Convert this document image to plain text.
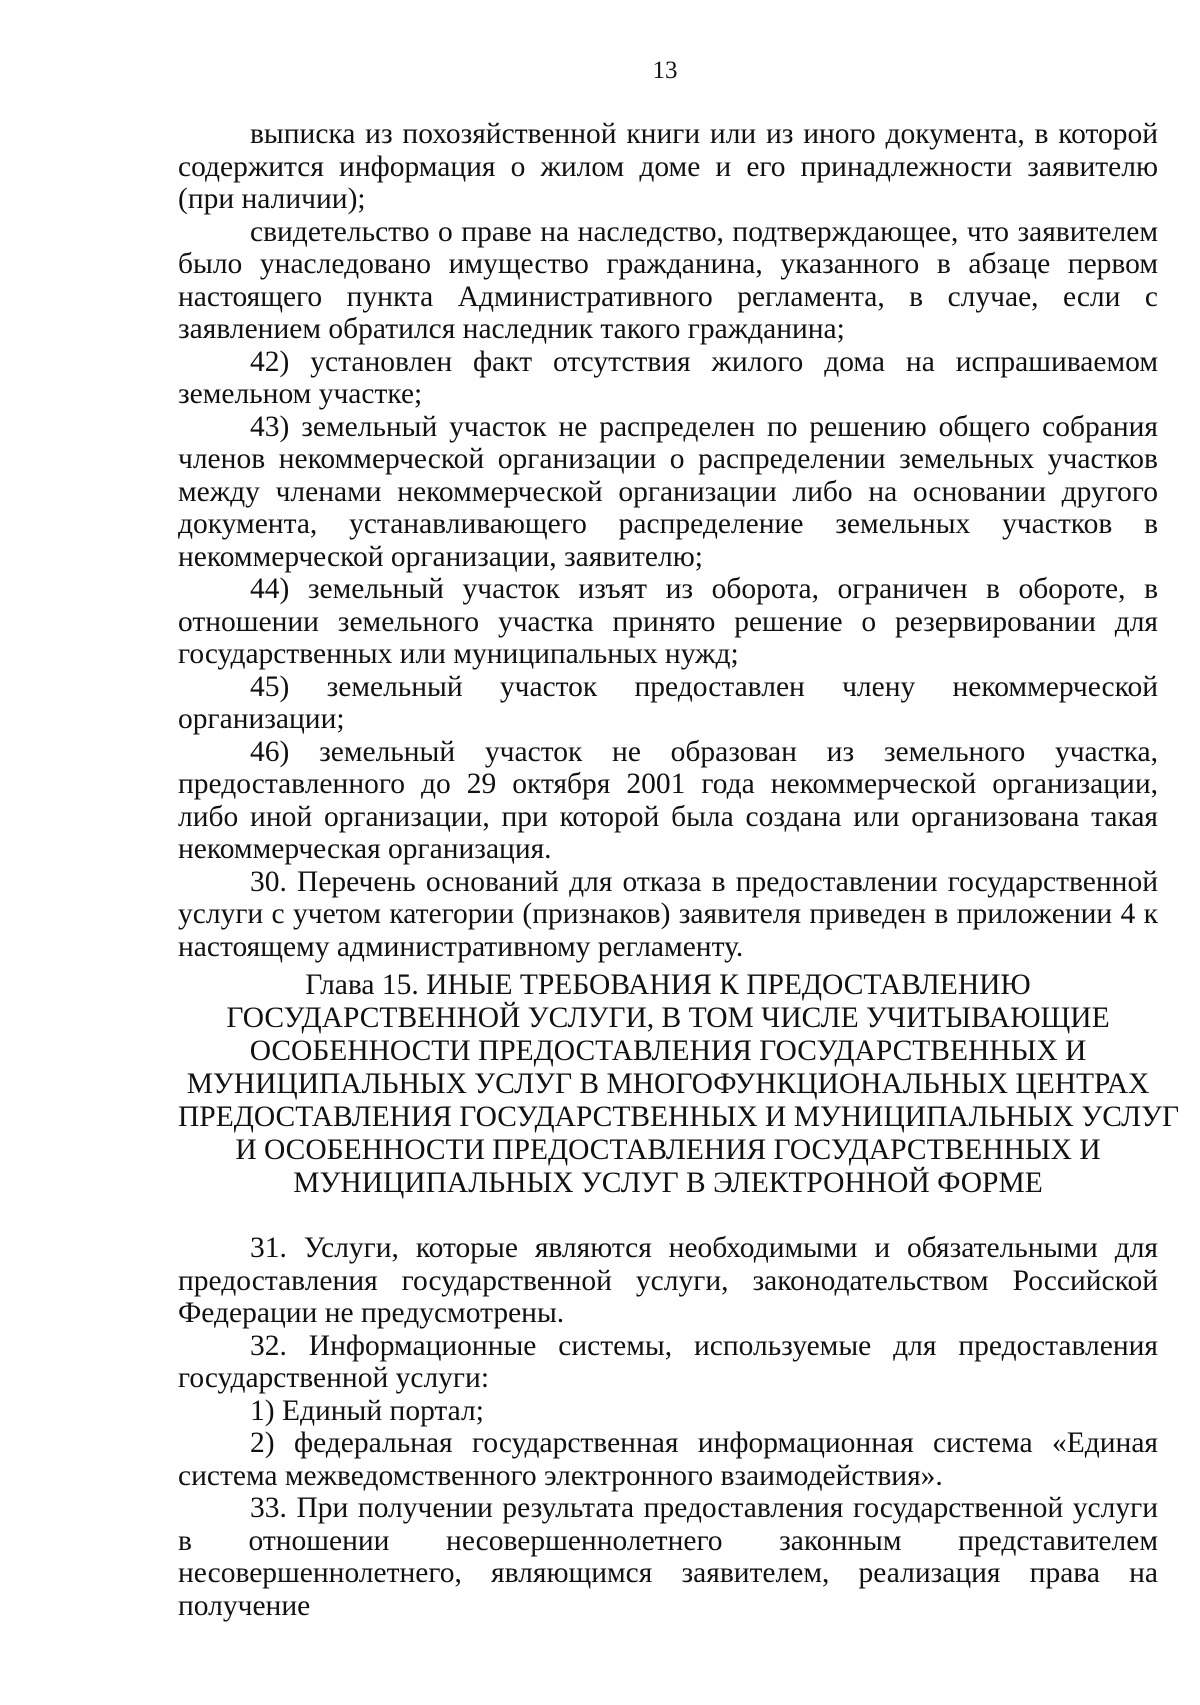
13

выписка из похозяйственной книги или из иного документа, в которой содержится информация о жилом доме и его принадлежности заявителю (при наличии);

свидетельство о праве на наследство, подтверждающее, что заявителем было унаследовано имущество гражданина, указанного в абзаце первом настоящего пункта Административного регламента, в случае, если с заявлением обратился наследник такого гражданина;

42) установлен факт отсутствия жилого дома на испрашиваемом земельном участке;

43) земельный участок не распределен по решению общего собрания членов некоммерческой организации о распределении земельных участков между членами некоммерческой организации либо на основании другого документа, устанавливающего распределение земельных участков в некоммерческой организации, заявителю;

44) земельный участок изъят из оборота, ограничен в обороте, в отношении земельного участка принято решение о резервировании для государственных или муниципальных нужд;

45) земельный участок предоставлен члену некоммерческой организации;

46) земельный участок не образован из земельного участка, предоставленного до 29 октября 2001 года некоммерческой организации, либо иной организации, при которой была создана или организована такая некоммерческая организация.

30. Перечень оснований для отказа в предоставлении государственной услуги с учетом категории (признаков) заявителя приведен в приложении 4 к настоящему административному регламенту.

Глава 15. ИНЫЕ ТРЕБОВАНИЯ К ПРЕДОСТАВЛЕНИЮ
ГОСУДАРСТВЕННОЙ УСЛУГИ, В ТОМ ЧИСЛЕ УЧИТЫВАЮЩИЕ
ОСОБЕННОСТИ ПРЕДОСТАВЛЕНИЯ ГОСУДАРСТВЕННЫХ И
МУНИЦИПАЛЬНЫХ УСЛУГ В МНОГОФУНКЦИОНАЛЬНЫХ ЦЕНТРАХ
ПРЕДОСТАВЛЕНИЯ ГОСУДАРСТВЕННЫХ И МУНИЦИПАЛЬНЫХ УСЛУГ
И ОСОБЕННОСТИ ПРЕДОСТАВЛЕНИЯ ГОСУДАРСТВЕННЫХ И
МУНИЦИПАЛЬНЫХ УСЛУГ В ЭЛЕКТРОННОЙ ФОРМЕ

31. Услуги, которые являются необходимыми и обязательными для предоставления государственной услуги, законодательством Российской Федерации не предусмотрены.

32. Информационные системы, используемые для предоставления государственной услуги:

1) Единый портал;

2) федеральная государственная информационная система «Единая система межведомственного электронного взаимодействия».

33. При получении результата предоставления государственной услуги в отношении несовершеннолетнего законным представителем несовершеннолетнего, являющимся заявителем, реализация права на получение
